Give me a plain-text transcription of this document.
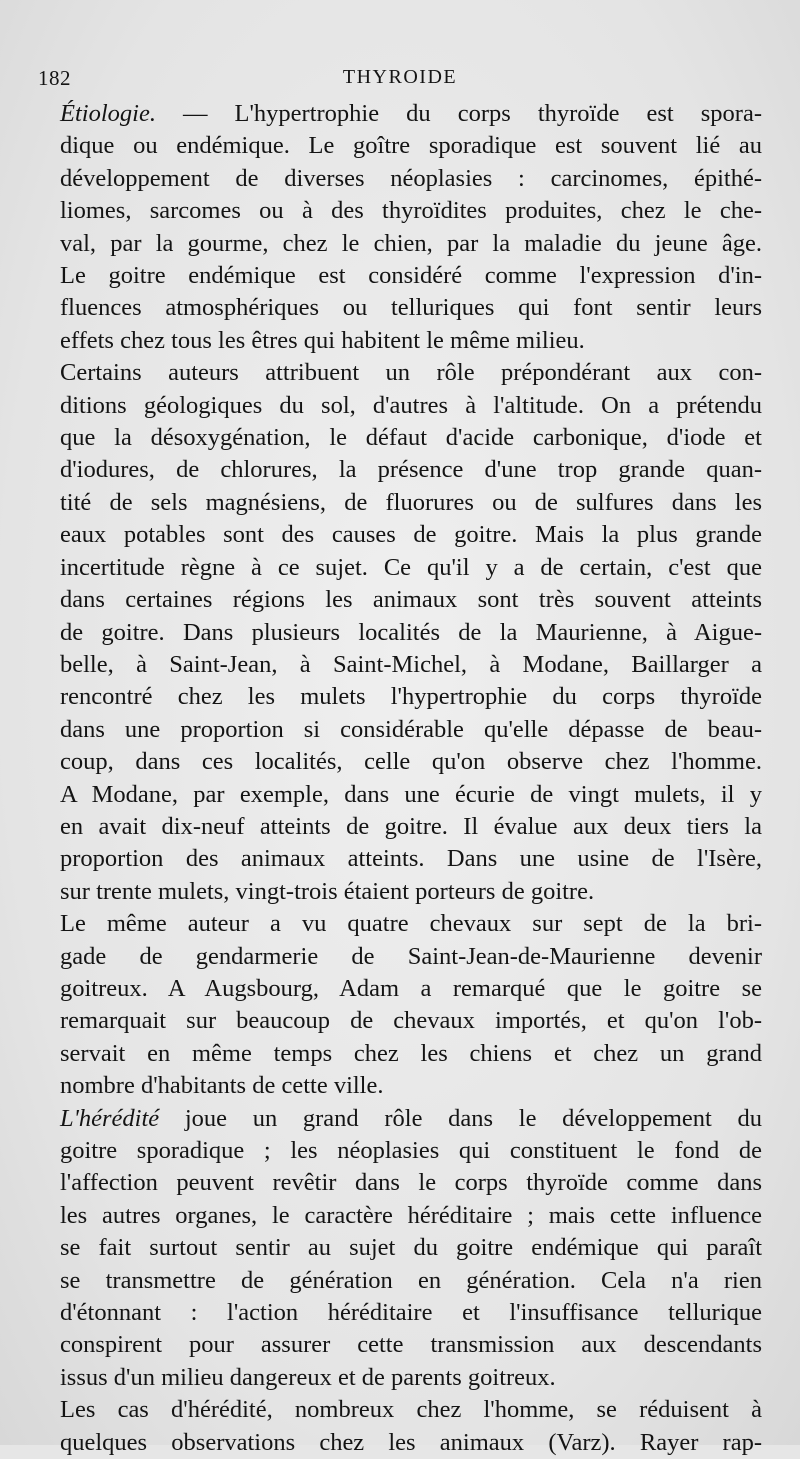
182	THYROIDE
Étiologie. — L'hypertrophie du corps thyroïde est spora-
dique ou endémique. Le goître sporadique est souvent lié au
développement de diverses néoplasies : carcinomes, épithé-
liomes, sarcomes ou à des thyroïdites produites, chez le che-
val, par la gourme, chez le chien, par la maladie du jeune âge.
Le goitre endémique est considéré comme l'expression d'in-
fluences atmosphériques ou telluriques qui font sentir leurs
effets chez tous les êtres qui habitent le même milieu.
Certains auteurs attribuent un rôle prépondérant aux con-
ditions géologiques du sol, d'autres à l'altitude. On a prétendu
que la désoxygénation, le défaut d'acide carbonique, d'iode et
d'iodures, de chlorures, la présence d'une trop grande quan-
tité de sels magnésiens, de fluorures ou de sulfures dans les
eaux potables sont des causes de goitre. Mais la plus grande
incertitude règne à ce sujet. Ce qu'il y a de certain, c'est que
dans certaines régions les animaux sont très souvent atteints
de goitre. Dans plusieurs localités de la Maurienne, à Aigue-
belle, à Saint-Jean, à Saint-Michel, à Modane, Baillarger a
rencontré chez les mulets l'hypertrophie du corps thyroïde
dans une proportion si considérable qu'elle dépasse de beau-
coup, dans ces localités, celle qu'on observe chez l'homme.
A Modane, par exemple, dans une écurie de vingt mulets, il y
en avait dix-neuf atteints de goitre. Il évalue aux deux tiers la
proportion des animaux atteints. Dans une usine de l'Isère,
sur trente mulets, vingt-trois étaient porteurs de goitre.
Le même auteur a vu quatre chevaux sur sept de la bri-
gade de gendarmerie de Saint-Jean-de-Maurienne devenir
goitreux. A Augsbourg, Adam a remarqué que le goitre se
remarquait sur beaucoup de chevaux importés, et qu'on l'ob-
servait en même temps chez les chiens et chez un grand
nombre d'habitants de cette ville.
L'hérédité joue un grand rôle dans le développement du
goitre sporadique ; les néoplasies qui constituent le fond de
l'affection peuvent revêtir dans le corps thyroïde comme dans
les autres organes, le caractère héréditaire ; mais cette influence
se fait surtout sentir au sujet du goitre endémique qui paraît
se transmettre de génération en génération. Cela n'a rien
d'étonnant : l'action héréditaire et l'insuffisance tellurique
conspirent pour assurer cette transmission aux descendants
issus d'un milieu dangereux et de parents goitreux.
Les cas d'hérédité, nombreux chez l'homme, se réduisent à
quelques observations chez les animaux (Varz). Rayer rap-
